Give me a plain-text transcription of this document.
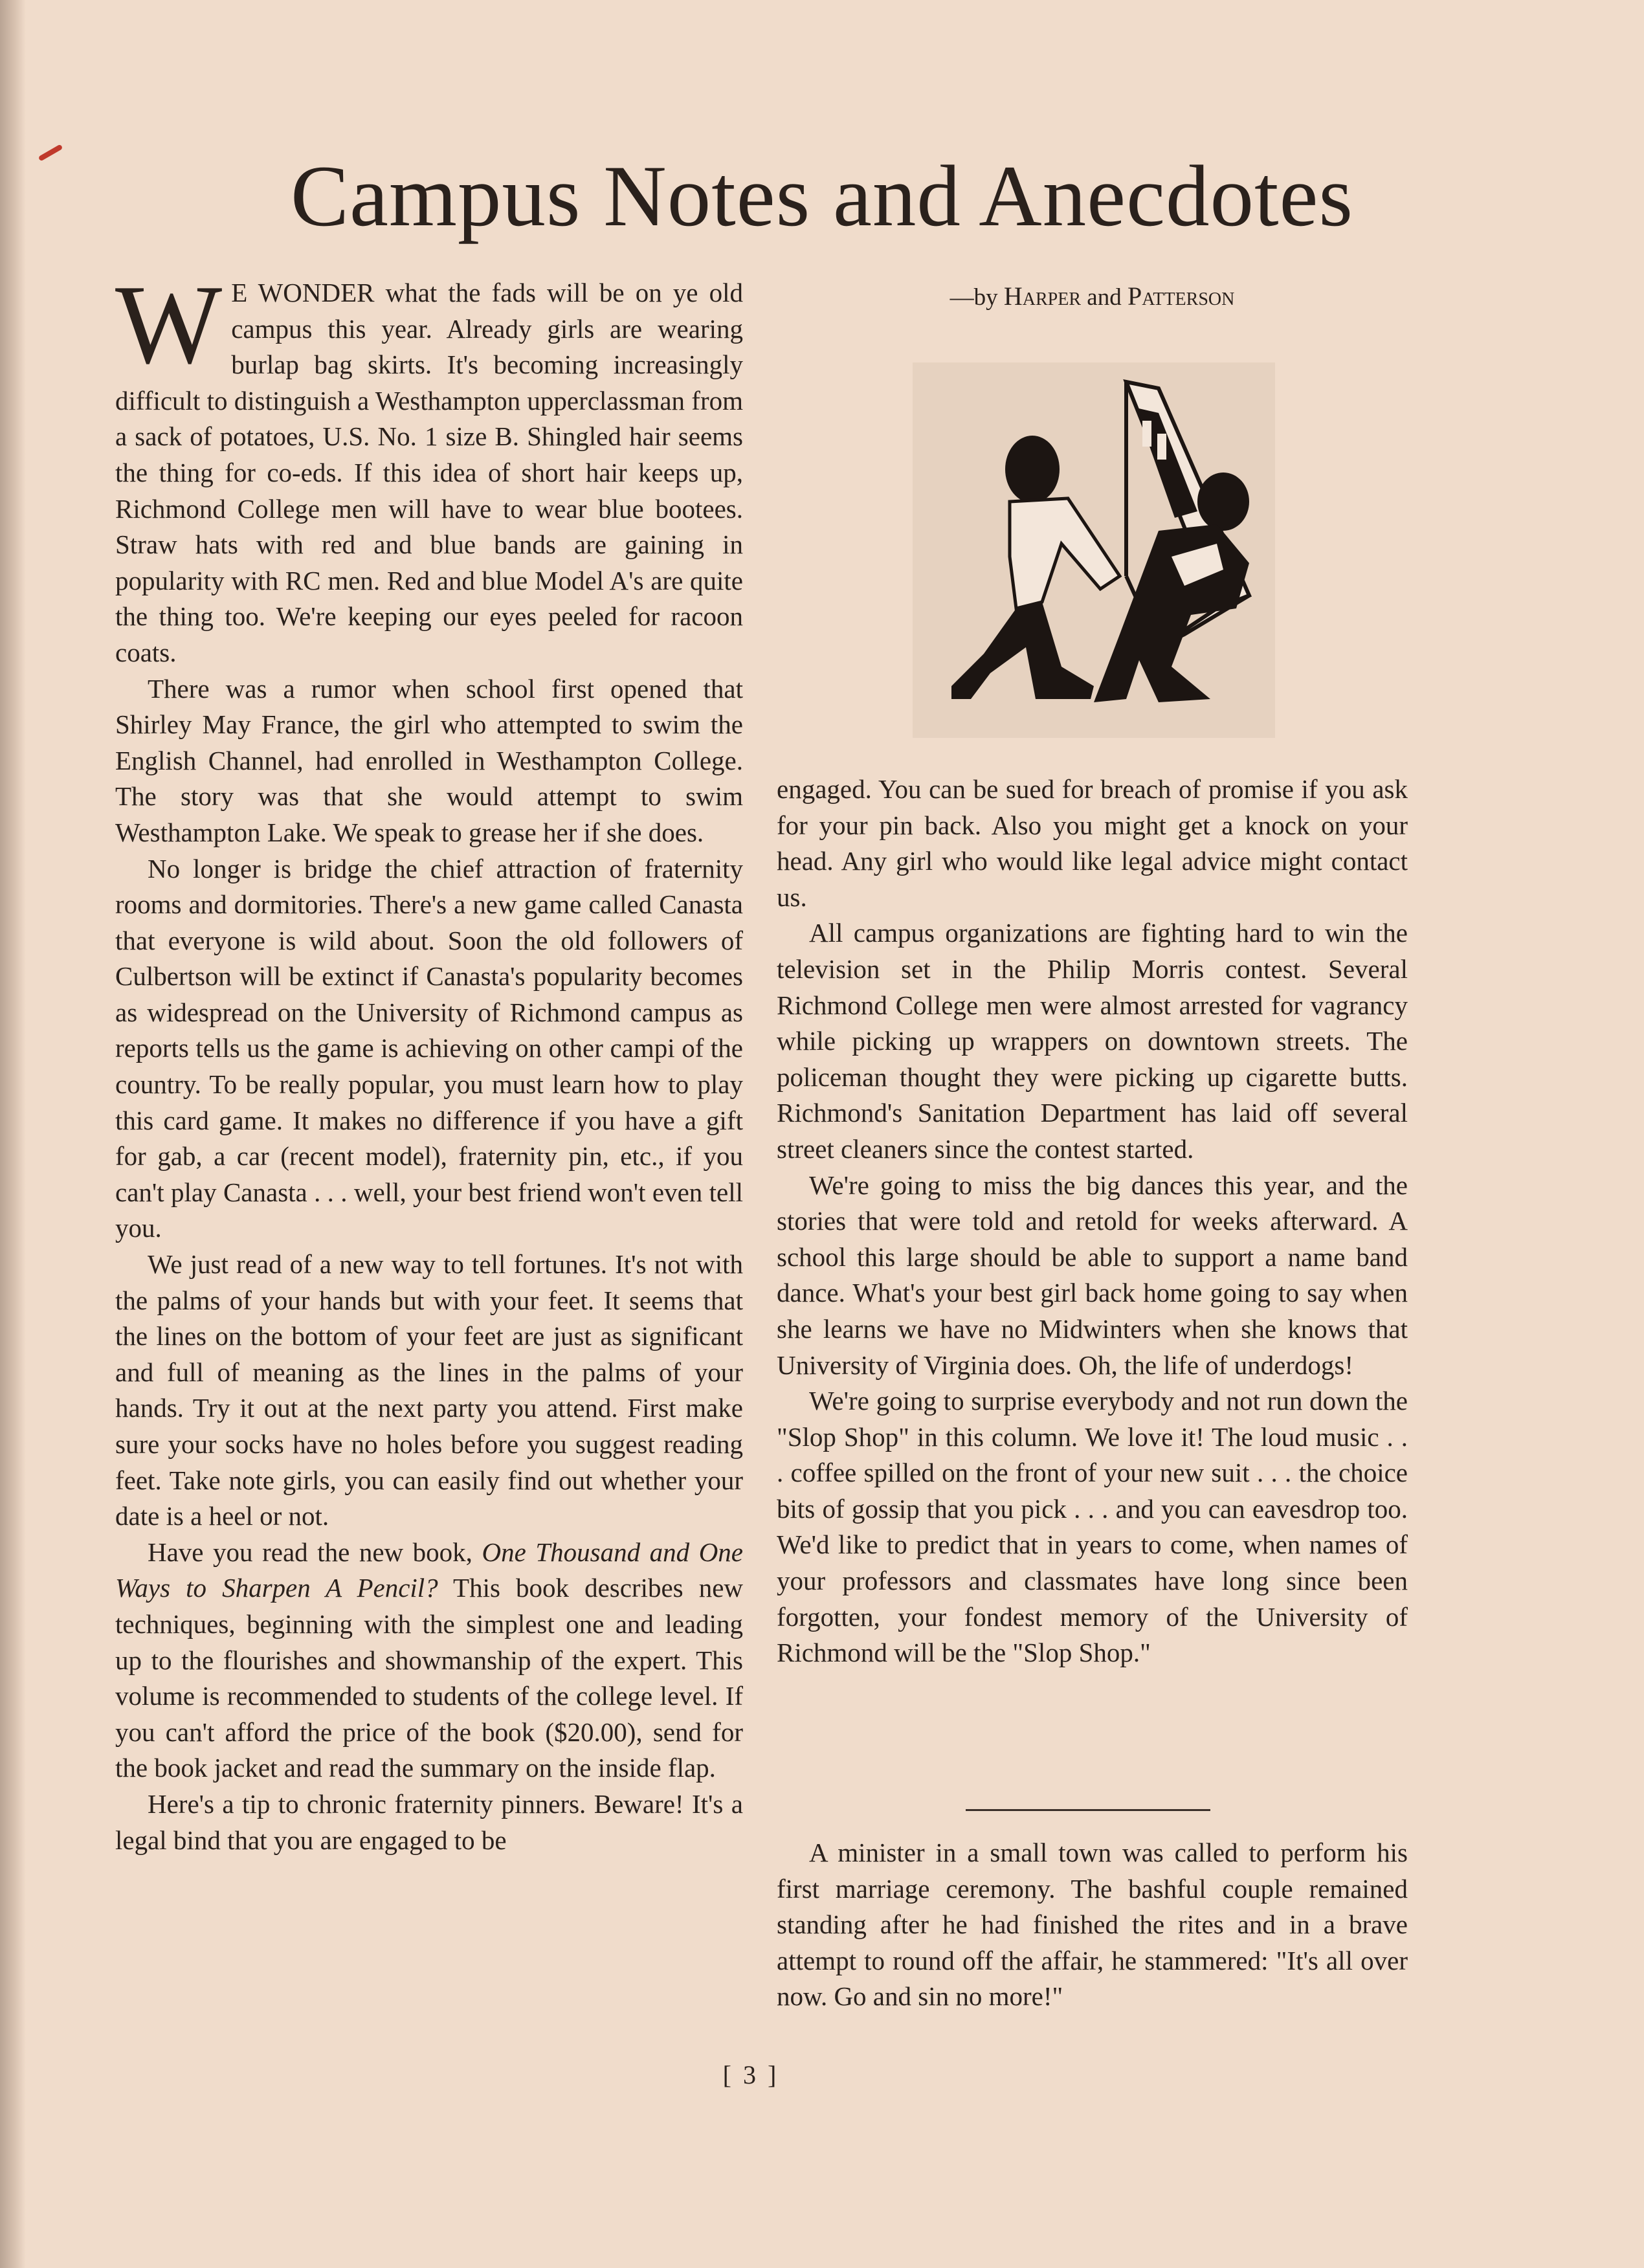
Campus Notes and Anecdotes
—by Harper and Patterson

W E WONDER what the fads will be on ye old campus this year. Already girls are wearing burlap bag skirts. It's becoming increasingly difficult to distinguish a Westhampton upperclassman from a sack of potatoes, U.S. No. 1 size B. Shingled hair seems the thing for co-eds. If this idea of short hair keeps up, Richmond College men will have to wear blue bootees. Straw hats with red and blue bands are gaining in popularity with RC men. Red and blue Model A's are quite the thing too. We're keeping our eyes peeled for racoon coats.

There was a rumor when school first opened that Shirley May France, the girl who attempted to swim the English Channel, had enrolled in Westhampton College. The story was that she would attempt to swim Westhampton Lake. We speak to grease her if she does.

No longer is bridge the chief attraction of fraternity rooms and dormitories. There's a new game called Canasta that everyone is wild about. Soon the old followers of Culbertson will be extinct if Canasta's popularity becomes as widespread on the University of Richmond campus as reports tells us the game is achieving on other campi of the country. To be really popular, you must learn how to play this card game. It makes no difference if you have a gift for gab, a car (recent model), fraternity pin, etc., if you can't play Canasta . . . well, your best friend won't even tell you.

We just read of a new way to tell fortunes. It's not with the palms of your hands but with your feet. It seems that the lines on the bottom of your feet are just as significant and full of meaning as the lines in the palms of your hands. Try it out at the next party you attend. First make sure your socks have no holes before you suggest reading feet. Take note girls, you can easily find out whether your date is a heel or not.

Have you read the new book, One Thousand and One Ways to Sharpen A Pencil? This book describes new techniques, beginning with the simplest one and leading up to the flourishes and showmanship of the expert. This volume is recommended to students of the college level. If you can't afford the price of the book ($20.00), send for the book jacket and read the summary on the inside flap.

Here's a tip to chronic fraternity pinners. Beware! It's a legal bind that you are engaged to be

engaged. You can be sued for breach of promise if you ask for your pin back. Also you might get a knock on your head. Any girl who would like legal advice might contact us.

All campus organizations are fighting hard to win the television set in the Philip Morris contest. Several Richmond College men were almost arrested for vagrancy while picking up wrappers on downtown streets. The policeman thought they were picking up cigarette butts. Richmond's Sanitation Department has laid off several street cleaners since the contest started.

We're going to miss the big dances this year, and the stories that were told and retold for weeks afterward. A school this large should be able to support a name band dance. What's your best girl back home going to say when she learns we have no Midwinters when she knows that University of Virginia does. Oh, the life of underdogs!

We're going to surprise everybody and not run down the "Slop Shop" in this column. We love it! The loud music . . . coffee spilled on the front of your new suit . . . the choice bits of gossip that you pick . . . and you can eavesdrop too. We'd like to predict that in years to come, when names of your professors and classmates have long since been forgotten, your fondest memory of the University of Richmond will be the "Slop Shop."

A minister in a small town was called to perform his first marriage ceremony. The bashful couple remained standing after he had finished the rites and in a brave attempt to round off the affair, he stammered: "It's all over now. Go and sin no more!"

[ 3 ]
